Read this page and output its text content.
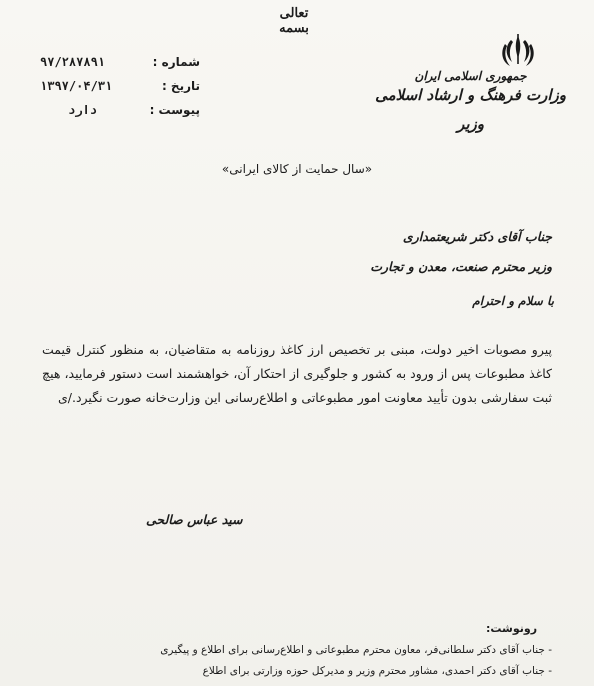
تعالی
بسمه
شماره :
۹۷/۲۸۷۸۹۱
تاریخ :
۱۳۹۷/۰۴/۳۱
پیوست :
دارد
جمهوری اسلامی ایران
وزارت فرهنگ و ارشاد اسلامی
وزیر
«سال حمایت از کالای ایرانی»
جناب آقای دکتر شریعتمداری
وزیر محترم صنعت، معدن و تجارت
با سلام و احترام
پیرو مصوبات اخیر دولت، مبنی بر تخصیص ارز کاغذ روزنامه به متقاضیان، به منظور کنترل قیمت
کاغذ مطبوعات پس از ورود به کشور و جلوگیری از احتکار آن، خواهشمند است دستور فرمایید، هیچ
ثبت سفارشی بدون تأیید معاونت امور مطبوعاتی و اطلاع‌رسانی این وزارت‌خانه صورت نگیرد./ی
سید عباس صالحی
رونوشت:
- جناب آقای دکتر سلطانی‌فر، معاون محترم مطبوعاتی و اطلاع‌رسانی برای اطلاع و پیگیری
- جناب آقای دکتر احمدی، مشاور محترم وزیر و مدیرکل حوزه وزارتی برای اطلاع
